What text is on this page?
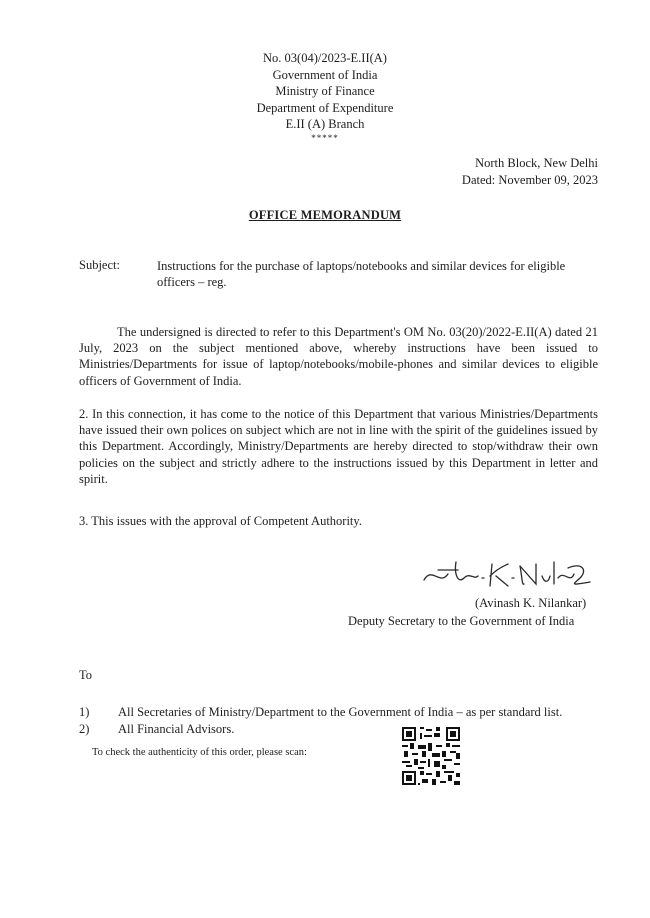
No. 03(04)/2023-E.II(A)
Government of India
Ministry of Finance
Department of Expenditure
E.II (A) Branch
*****
North Block, New Delhi
Dated: November 09, 2023
OFFICE MEMORANDUM
Subject:	Instructions for the purchase of laptops/notebooks and similar devices for eligible officers – reg.
The undersigned is directed to refer to this Department's OM No. 03(20)/2022-E.II(A) dated 21 July, 2023 on the subject mentioned above, whereby instructions have been issued to Ministries/Departments for issue of laptop/notebooks/mobile-phones and similar devices to eligible officers of Government of India.
2. In this connection, it has come to the notice of this Department that various Ministries/Departments have issued their own polices on subject which are not in line with the spirit of the guidelines issued by this Department. Accordingly, Ministry/Departments are hereby directed to stop/withdraw their own policies on the subject and strictly adhere to the instructions issued by this Department in letter and spirit.
3. This issues with the approval of Competent Authority.
(Avinash K. Nilankar)
Deputy Secretary to the Government of India
To
1) All Secretaries of Ministry/Department to the Government of India – as per standard list.
2) All Financial Advisors.
To check the authenticity of this order, please scan:
